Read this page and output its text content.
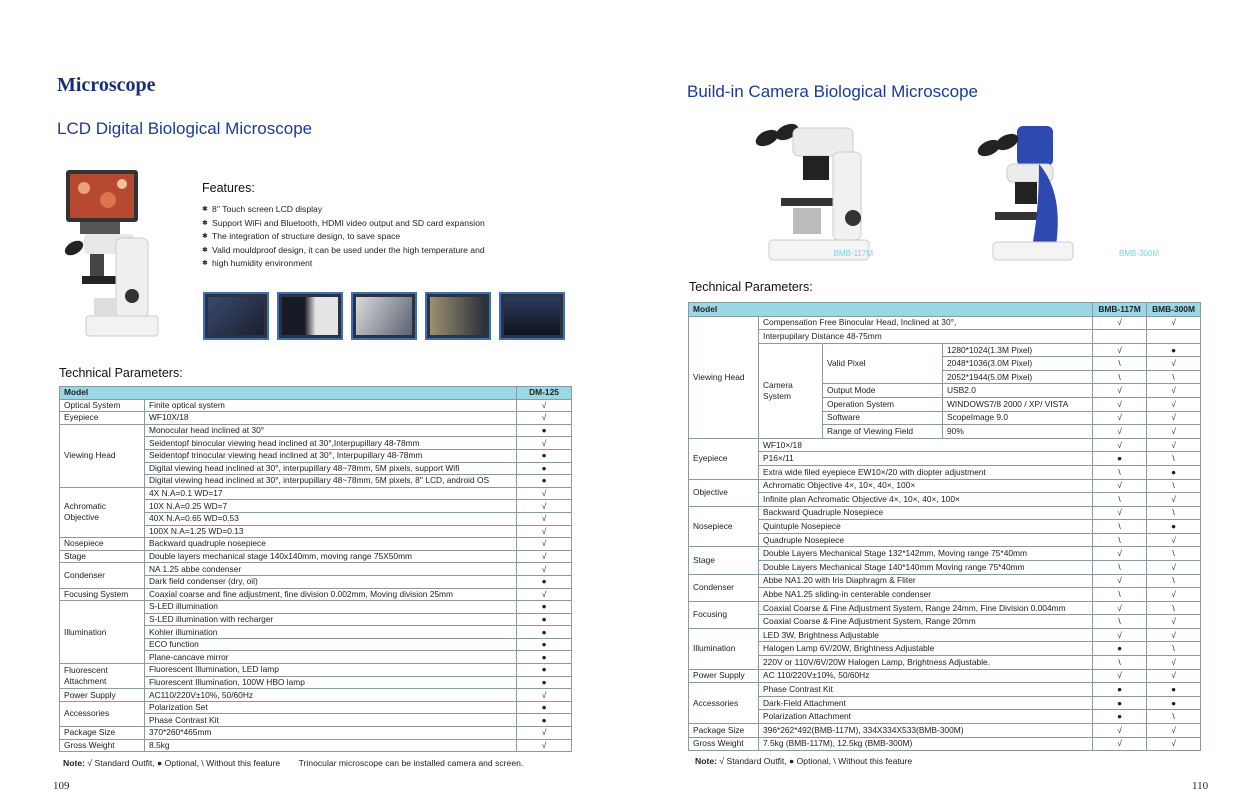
Microscope
LCD Digital Biological Microscope
Features:
✱ 8'' Touch screen LCD display
✱ Support WiFi and Bluetooth, HDMI video output and SD card expansion
✱ The integration of structure design, to save space
✱ Valid mouldproof design, it can be used under the high temperature and
✱ high humidity environment
Technical Parameters:
Model		DM-125
Optical System	Finite optical system	√
Eyepiece	WF10X/18	√
Viewing Head	Monocular head inclined at 30°	●
	Seidentopf binocular viewing head inclined at 30°,Interpupillary 48-78mm	√
	Seidentopf trinocular viewing head inclined at 30°, Interpupillary 48-78mm	●
	Digital viewing head inclined at 30°, interpupillary 48~78mm, 5M pixels, support Wifi	●
	Digital viewing head inclined at 30°, interpupillary 48~78mm, 5M pixels, 8'' LCD, android OS	●
Achromatic Objective	4X N.A=0.1 WD=17	√
	10X N.A=0.25 WD=7	√
	40X N.A=0.65 WD=0.53	√
	100X N.A=1.25 WD=0.13	√
Nosepiece	Backward quadruple nosepiece	√
Stage	Double layers mechanical stage 140x140mm, moving range 75X50mm	√
Condenser	NA 1.25 abbe condenser	√
	Dark field condenser (dry, oil)	●
Focusing System	Coaxial coarse and fine adjustment, fine division 0.002mm, Moving division 25mm	√
Illumination	S-LED illumination	●
	S-LED illumination with recharger	●
	Kohler illumination	●
	ECO function	●
	Plane-cancave mirror	●
Fluorescent Attachment	Fluorescent Illumination, LED lamp	●
	Fluorescent Illumination, 100W HBO lamp	●
Power Supply	AC110/220V±10%, 50/60Hz	√
Accessories	Polarization Set	●
	Phase Contrast Kit	●
Package Size	370*260*465mm	√
Gross Weight	8.5kg	√
Note: √ Standard Outfit, ● Optional, \ Without this feature Trinocular microscope can be installed camera and screen.
109
Build-in Camera Biological Microscope
BMB-117M	BMB-300M
Technical Parameters:
Model				BMB-117M	BMB-300M
Viewing Head	Compensation Free Binocular Head, Inclined at 30°,			√	√
	Interpupilary Distance 48-75mm				
	Camera System	Valid Pixel	1280*1024(1.3M Pixel)	√	●
			2048*1036(3.0M Pixel)	\	√
			2052*1944(5.0M Pixel)	\	\
		Output Mode	USB2.0	√	√
		Operation System	WINDOWS7/8 2000 / XP/ VISTA	√	√
		Software	ScopeImage 9.0	√	√
		Range of Viewing Field	90%	√	√
Eyepiece	WF10×/18			√	√
	P16×/11			●	\
	Extra wide filed eyepiece EW10×/20 with diopter adjustment			\	●
Objective	Achromatic Objective 4×, 10×, 40×, 100×			√	\
	Infinite plan Achromatic Objective 4×, 10×, 40×, 100×			\	√
Nosepiece	Backward Quadruple Nosepiece			√	\
	Quintuple Nosepiece			\	●
	Quadruple Nosepiece			\	√
Stage	Double Layers Mechanical Stage 132*142mm, Moving range 75*40mm			√	\
	Double Layers Mechanical Stage 140*140mm Moving range 75*40mm			\	√
Condenser	Abbe NA1.20 with Iris Diaphragm & Fliter			√	\
	Abbe NA1.25 sliding-in centerable condenser			\	√
Focusing	Coaxial Coarse & Fine Adjustment System, Range 24mm, Fine Division 0.004mm			√	\
	Coaxial Coarse & Fine Adjustment System, Range 20mm			\	√
Illumination	LED 3W, Brightness Adjustable			√	√
	Halogen Lamp 6V/20W, Brightness Adjustable			●	\
	220V or 110V/6V/20W Halogen Lamp, Brightness Adjustable.			\	√
Power Supply	AC 110/220V±10%, 50/60Hz			√	√
Accessories	Phase Contrast Kit			●	●
	Dark-Field Attachment			●	●
	Polarization Attachment			●	\
Package Size	396*262*492(BMB-117M), 334X334X533(BMB-300M)			√	√
Gross Weight	7.5kg (BMB-117M), 12.5kg (BMB-300M)			√	√
Note: √ Standard Outfit, ● Optional, \ Without this feature
110
